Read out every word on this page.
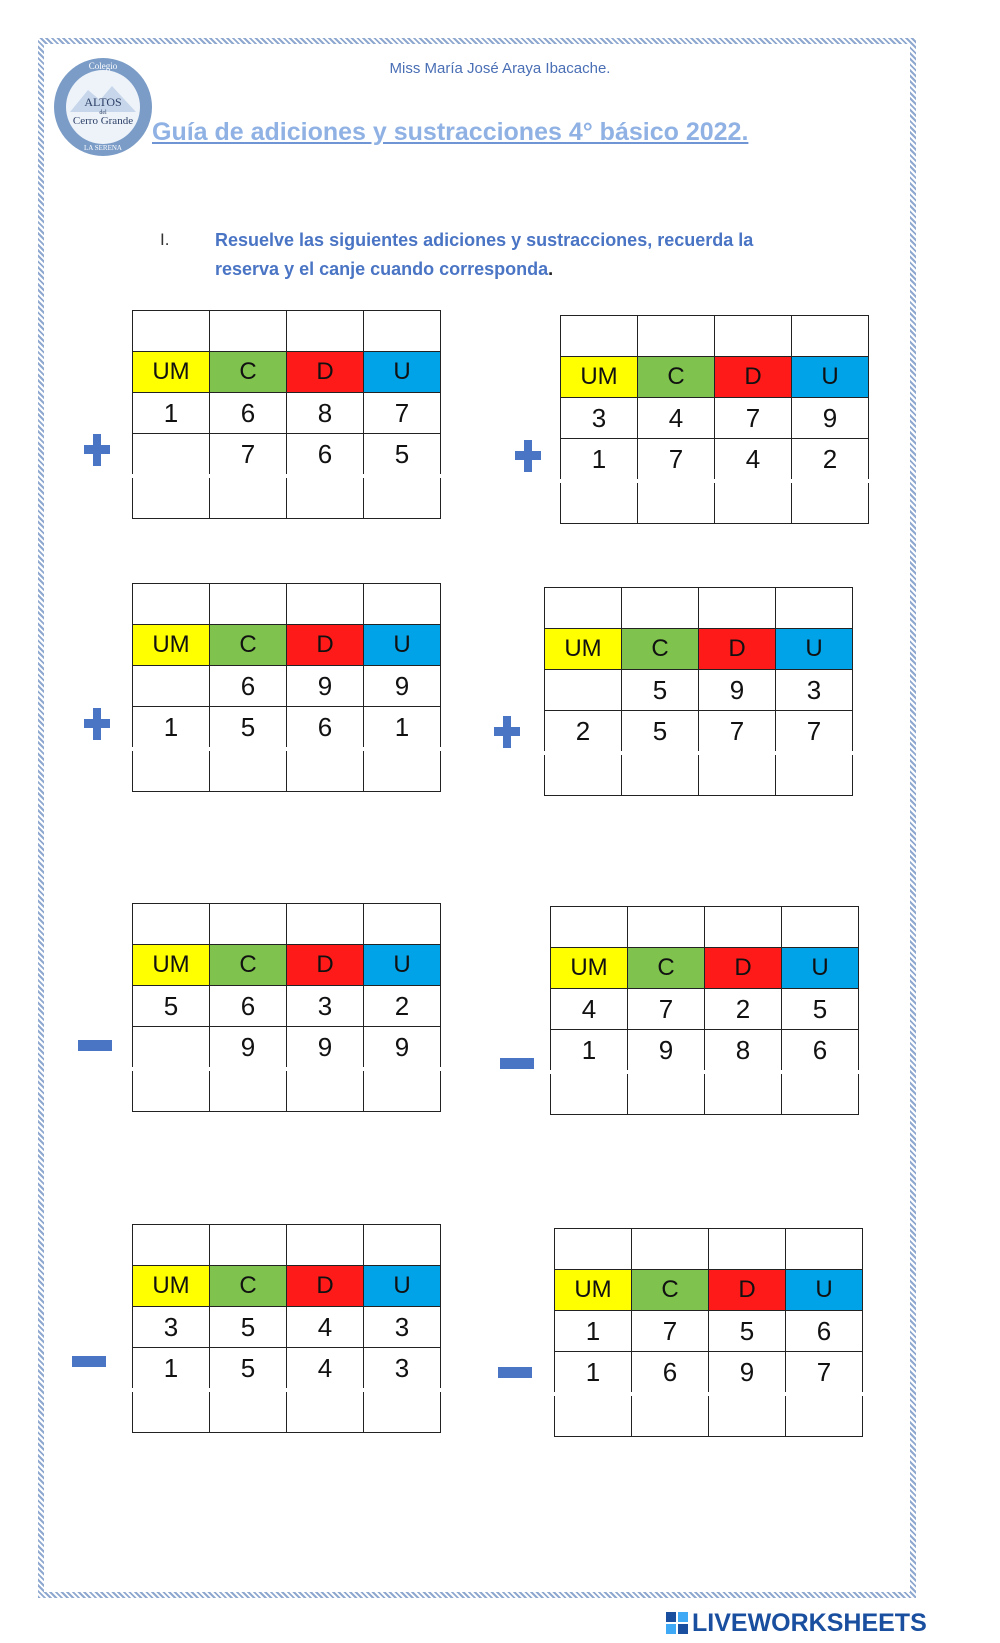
Colegio
ALTOS
del
Cerro Grande
LA SERENA
Miss María José Araya Ibacache.
Guía de adiciones y sustracciones 4° básico 2022.
I.	Resuelve las siguientes adiciones y sustracciones, recuerda la reserva y el canje cuando corresponda.

UM	C	D	U
1	6	8	7
	7	6	5

UM	C	D	U
3	4	7	9
1	7	4	2

UM	C	D	U
	6	9	9
1	5	6	1

UM	C	D	U
	5	9	3
2	5	7	7

UM	C	D	U
5	6	3	2
	9	9	9

UM	C	D	U
4	7	2	5
1	9	8	6

UM	C	D	U
3	5	4	3
1	5	4	3

UM	C	D	U
1	7	5	6
1	6	9	7

LIVEWORKSHEETS
